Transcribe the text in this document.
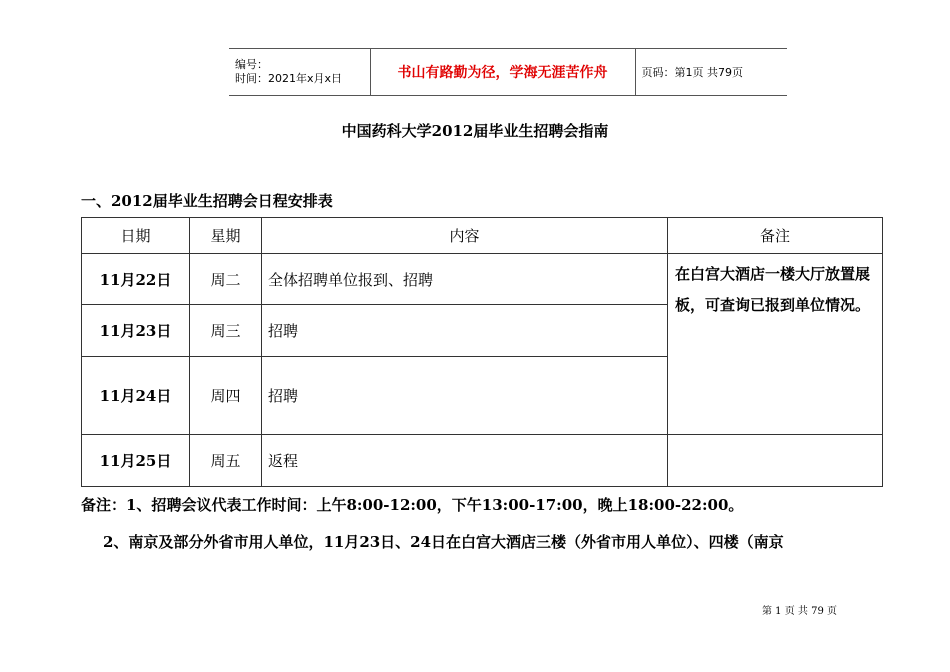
编号：
时间：2021年x月x日	书山有路勤为径，学海无涯苦作舟	页码：第1页 共79页
中国药科大学2012届毕业生招聘会指南
一、2012届毕业生招聘会日程安排表
日期	星期	内容	备注
11月22日	周二	全体招聘单位报到、招聘	在白宫大酒店一楼大厅放置展板，可查询已报到单位情况。
11月23日	周三	招聘	
11月24日	周四	招聘	
11月25日	周五	返程	
备注：1、招聘会议代表工作时间：上午8:00-12:00，下午13:00-17:00，晚上18:00-22:00。
2、南京及部分外省市用人单位，11月23日、24日在白宫大酒店三楼（外省市用人单位）、四楼（南京
第 1 页 共 79 页
